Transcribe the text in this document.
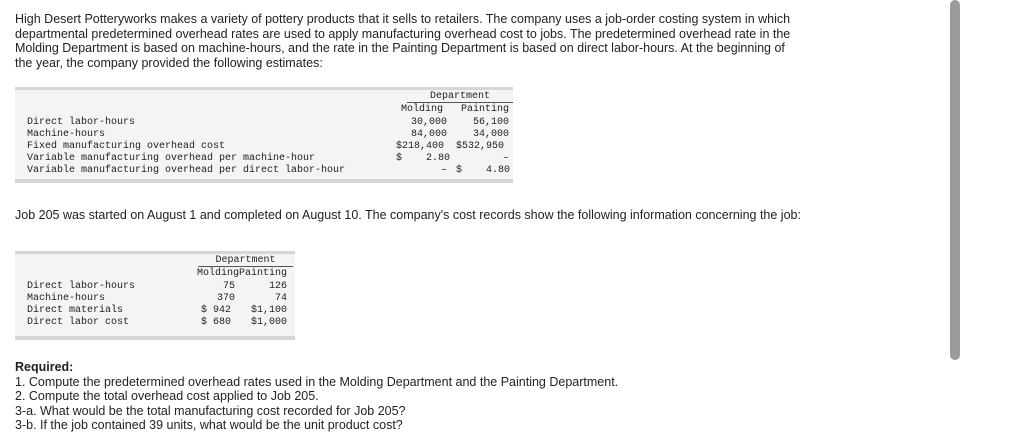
High Desert Potteryworks makes a variety of pottery products that it sells to retailers. The company uses a job-order costing system in which departmental predetermined overhead rates are used to apply manufacturing overhead cost to jobs. The predetermined overhead rate in the Molding Department is based on machine-hours, and the rate in the Painting Department is based on direct labor-hours. At the beginning of the year, the company provided the following estimates:
Department
Molding Painting
Direct labor-hours	30,000	56,100
Machine-hours	84,000	34,000
Fixed manufacturing overhead cost	$218,400 $532,950
Variable manufacturing overhead per machine-hour	$    2.80	–
Variable manufacturing overhead per direct labor-hour	– $    4.80
Job 205 was started on August 1 and completed on August 10. The company's cost records show the following information concerning the job:
Department
MoldingPainting
Direct labor-hours	75	126
Machine-hours	370	74
Direct materials	$ 942	$1,100
Direct labor cost	$ 680	$1,000
Required:
1. Compute the predetermined overhead rates used in the Molding Department and the Painting Department.
2. Compute the total overhead cost applied to Job 205.
3-a. What would be the total manufacturing cost recorded for Job 205?
3-b. If the job contained 39 units, what would be the unit product cost?
